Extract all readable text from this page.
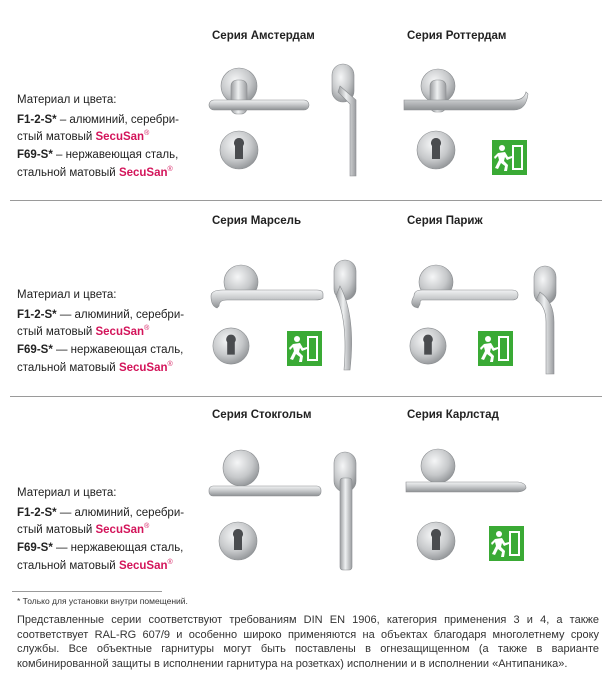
Серия Амстердам	Серия Роттердам
Материал и цвета:
F1-2-S* – алюминий, серебри-
стый матовый SecuSan®
F69-S* – нержавеющая сталь,
стальной матовый SecuSan®
Серия Марсель	Серия Париж
Материал и цвета:
F1-2-S* — алюминий, серебри-
стый матовый SecuSan®
F69-S* — нержавеющая сталь,
стальной матовый SecuSan®
Серия Стокгольм	Серия Карлстад
Материал и цвета:
F1-2-S* — алюминий, серебри-
стый матовый SecuSan®
F69-S* — нержавеющая сталь,
стальной матовый SecuSan®
* Только для установки внутри помещений.
Представленные серии соответствуют требованиям DIN EN 1906, категория применения 3 и 4, а также соответствует RAL-RG 607/9 и особенно широко применяются на объектах благодаря многолетнему сроку службы. Все объектные гарнитуры могут быть поставлены в огнезащищенном (а также в варианте комбинированной защиты в исполнении гарнитура на розетках) исполнении и в исполнении «Антипаника».
